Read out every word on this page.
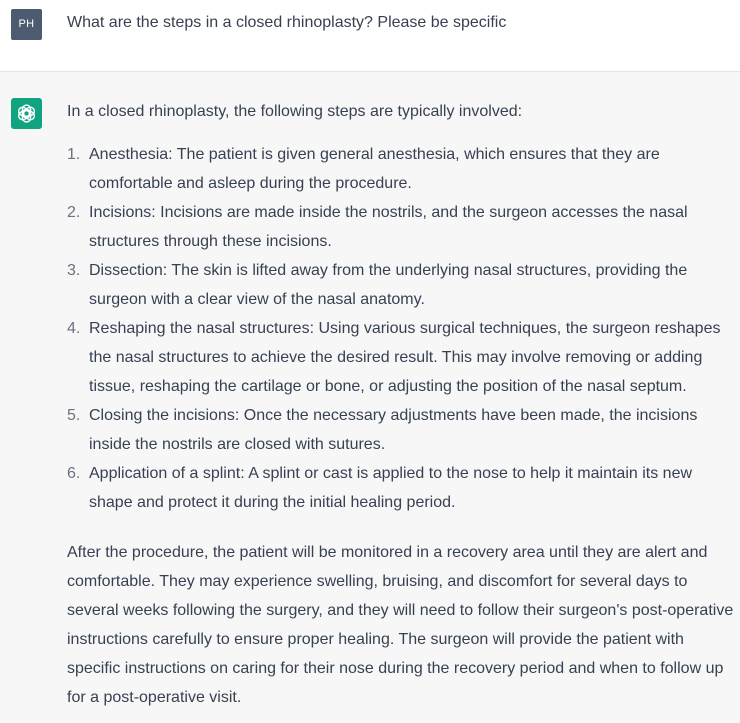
PH	What are the steps in a closed rhinoplasty? Please be specific

In a closed rhinoplasty, the following steps are typically involved:

1. Anesthesia: The patient is given general anesthesia, which ensures that they are comfortable and asleep during the procedure.
2. Incisions: Incisions are made inside the nostrils, and the surgeon accesses the nasal structures through these incisions.
3. Dissection: The skin is lifted away from the underlying nasal structures, providing the surgeon with a clear view of the nasal anatomy.
4. Reshaping the nasal structures: Using various surgical techniques, the surgeon reshapes the nasal structures to achieve the desired result. This may involve removing or adding tissue, reshaping the cartilage or bone, or adjusting the position of the nasal septum.
5. Closing the incisions: Once the necessary adjustments have been made, the incisions inside the nostrils are closed with sutures.
6. Application of a splint: A splint or cast is applied to the nose to help it maintain its new shape and protect it during the initial healing period.

After the procedure, the patient will be monitored in a recovery area until they are alert and comfortable. They may experience swelling, bruising, and discomfort for several days to several weeks following the surgery, and they will need to follow their surgeon's post-operative instructions carefully to ensure proper healing. The surgeon will provide the patient with specific instructions on caring for their nose during the recovery period and when to follow up for a post-operative visit.
